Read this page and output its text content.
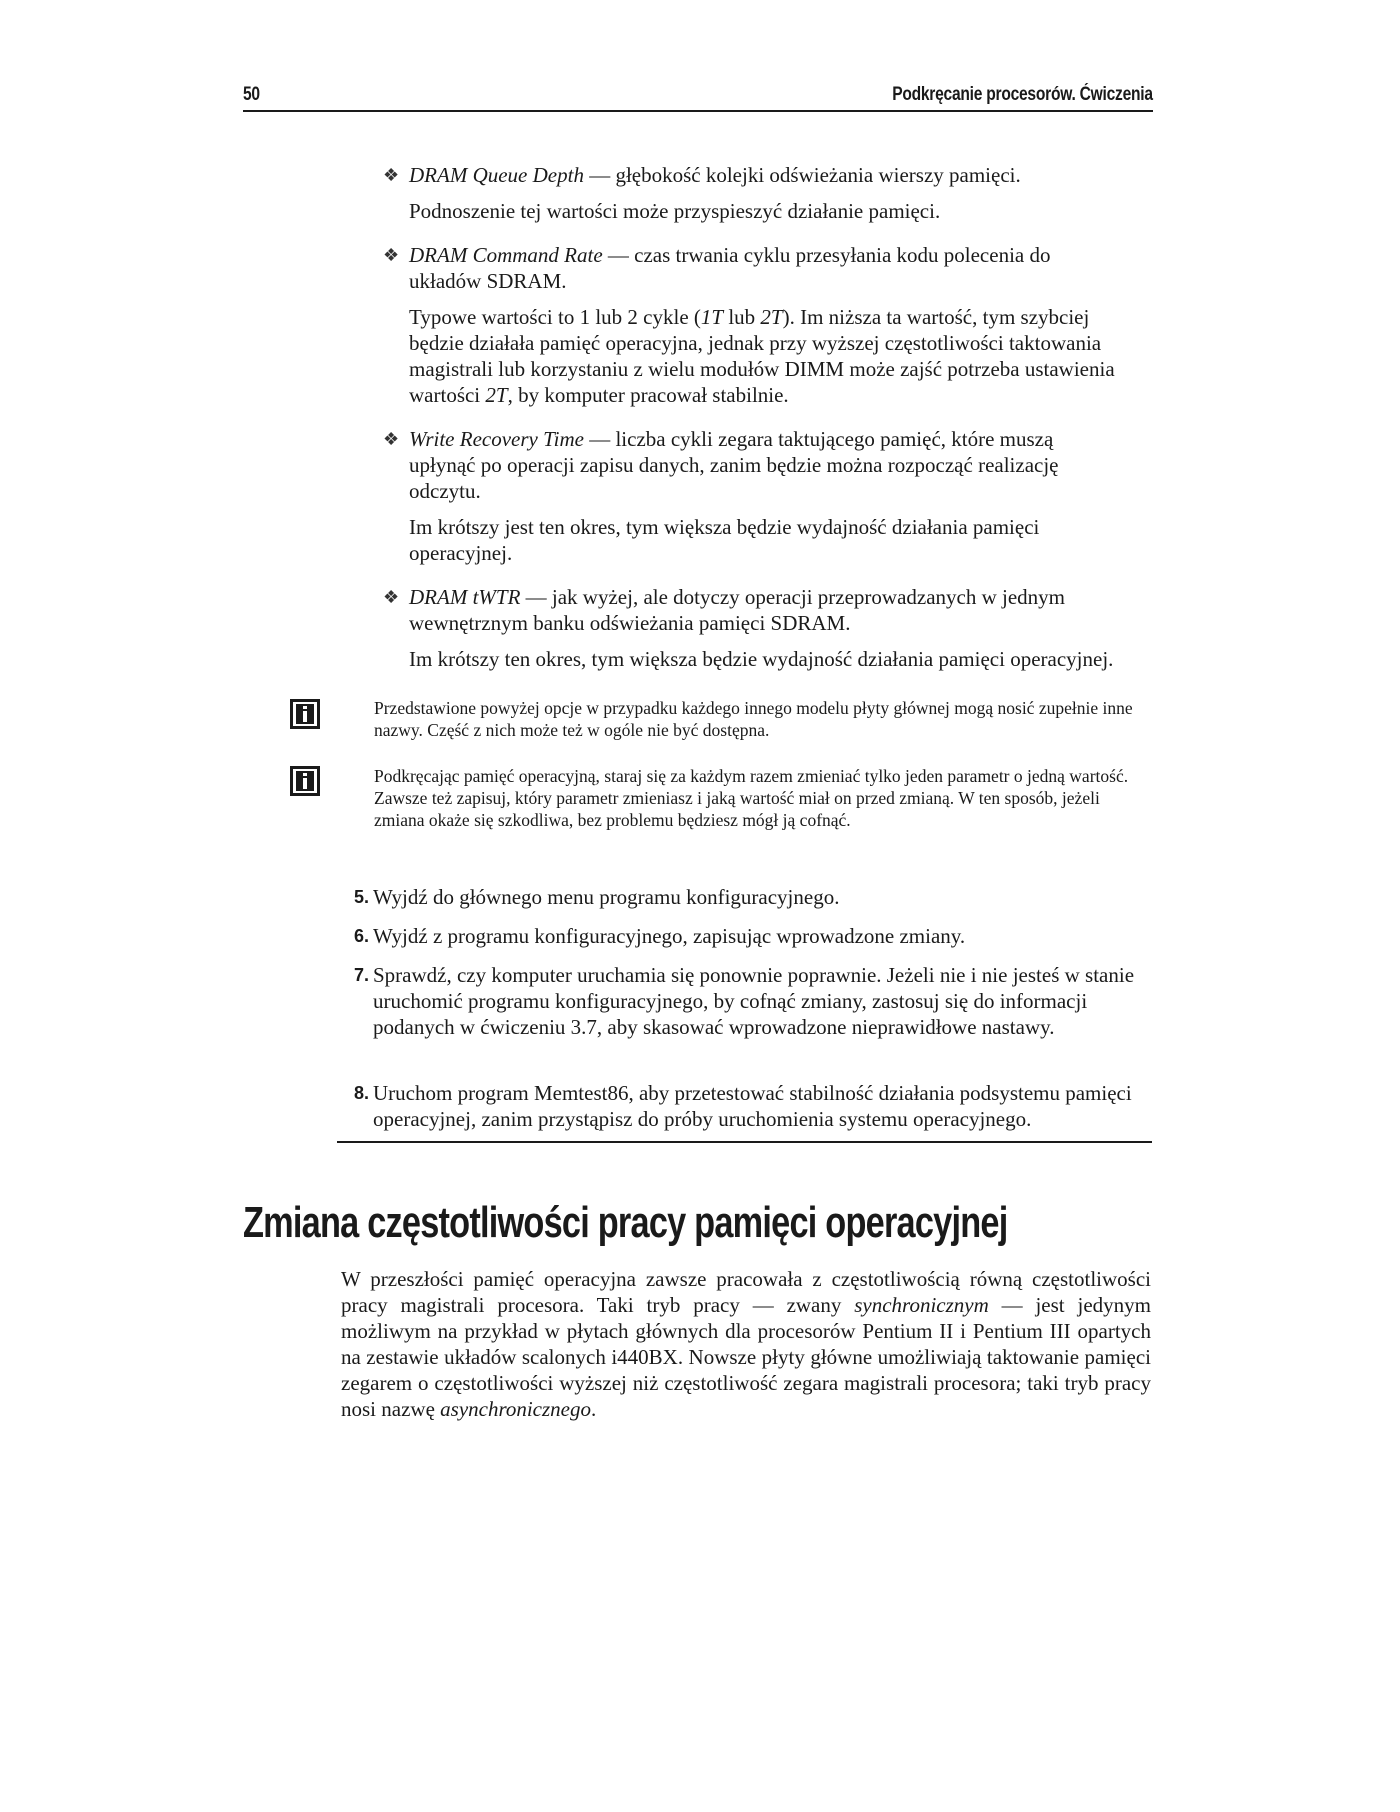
50	Podkręcanie procesorów. Ćwiczenia
❖ DRAM Queue Depth — głębokość kolejki odświeżania wierszy pamięci.
Podnoszenie tej wartości może przyspieszyć działanie pamięci.
❖ DRAM Command Rate — czas trwania cyklu przesyłania kodu polecenia do układów SDRAM.
Typowe wartości to 1 lub 2 cykle (1T lub 2T). Im niższa ta wartość, tym szybciej będzie działała pamięć operacyjna, jednak przy wyższej częstotliwości taktowania magistrali lub korzystaniu z wielu modułów DIMM może zajść potrzeba ustawienia wartości 2T, by komputer pracował stabilnie.
❖ Write Recovery Time — liczba cykli zegara taktującego pamięć, które muszą upłynąć po operacji zapisu danych, zanim będzie można rozpocząć realizację odczytu.
Im krótszy jest ten okres, tym większa będzie wydajność działania pamięci operacyjnej.
❖ DRAM tWTR — jak wyżej, ale dotyczy operacji przeprowadzanych w jednym wewnętrznym banku odświeżania pamięci SDRAM.
Im krótszy ten okres, tym większa będzie wydajność działania pamięci operacyjnej.
Przedstawione powyżej opcje w przypadku każdego innego modelu płyty głównej mogą nosić zupełnie inne nazwy. Część z nich może też w ogóle nie być dostępna.
Podkręcając pamięć operacyjną, staraj się za każdym razem zmieniać tylko jeden parametr o jedną wartość. Zawsze też zapisuj, który parametr zmieniasz i jaką wartość miał on przed zmianą. W ten sposób, jeżeli zmiana okaże się szkodliwa, bez problemu będziesz mógł ją cofnąć.
5. Wyjdź do głównego menu programu konfiguracyjnego.
6. Wyjdź z programu konfiguracyjnego, zapisując wprowadzone zmiany.
7. Sprawdź, czy komputer uruchamia się ponownie poprawnie. Jeżeli nie i nie jesteś w stanie uruchomić programu konfiguracyjnego, by cofnąć zmiany, zastosuj się do informacji podanych w ćwiczeniu 3.7, aby skasować wprowadzone nieprawidłowe nastawy.
8. Uruchom program Memtest86, aby przetestować stabilność działania podsystemu pamięci operacyjnej, zanim przystąpisz do próby uruchomienia systemu operacyjnego.
Zmiana częstotliwości pracy pamięci operacyjnej
W przeszłości pamięć operacyjna zawsze pracowała z częstotliwością równą częstotliwości pracy magistrali procesora. Taki tryb pracy — zwany synchronicznym — jest jedynym możliwym na przykład w płytach głównych dla procesorów Pentium II i Pentium III opartych na zestawie układów scalonych i440BX. Nowsze płyty główne umożliwiają taktowanie pamięci zegarem o częstotliwości wyższej niż częstotliwość zegara magistrali procesora; taki tryb pracy nosi nazwę asynchronicznego.
